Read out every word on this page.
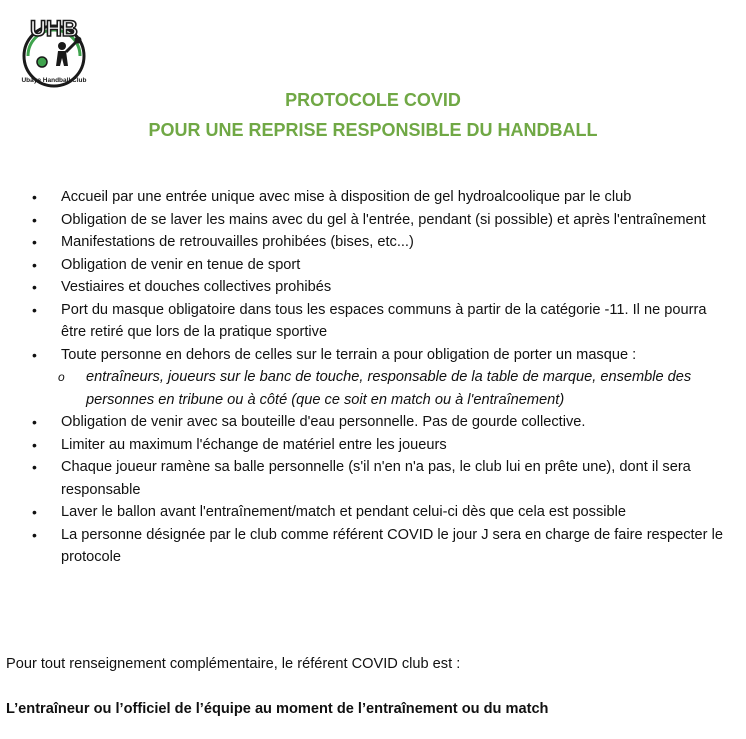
UHB
Ubaye Handball Club
PROTOCOLE COVID
POUR UNE REPRISE RESPONSIBLE DU HANDBALL
• Accueil par une entrée unique avec mise à disposition de gel hydroalcoolique par le club
• Obligation de se laver les mains avec du gel à l'entrée, pendant (si possible) et après l'entraînement
• Manifestations de retrouvailles prohibées (bises, etc...)
• Obligation de venir en tenue de sport
• Vestiaires et douches collectives prohibés
• Port du masque obligatoire dans tous les espaces communs à partir de la catégorie -11. Il ne pourra être retiré que lors de la pratique sportive
• Toute personne en dehors de celles sur le terrain a pour obligation de porter un masque :
o entraîneurs, joueurs sur le banc de touche, responsable de la table de marque, ensemble des personnes en tribune ou à côté (que ce soit en match ou à l'entraînement)
• Obligation de venir avec sa bouteille d'eau personnelle. Pas de gourde collective.
• Limiter au maximum l'échange de matériel entre les joueurs
• Chaque joueur ramène sa balle personnelle (s'il n'en n'a pas, le club lui en prête une), dont il sera responsable
• Laver le ballon avant l'entraînement/match et pendant celui-ci dès que cela est possible
• La personne désignée par le club comme référent COVID le jour J sera en charge de faire respecter le protocole
Pour tout renseignement complémentaire, le référent COVID club est :
L’entraîneur ou l’officiel de l’équipe au moment de l’entraînement ou du match
